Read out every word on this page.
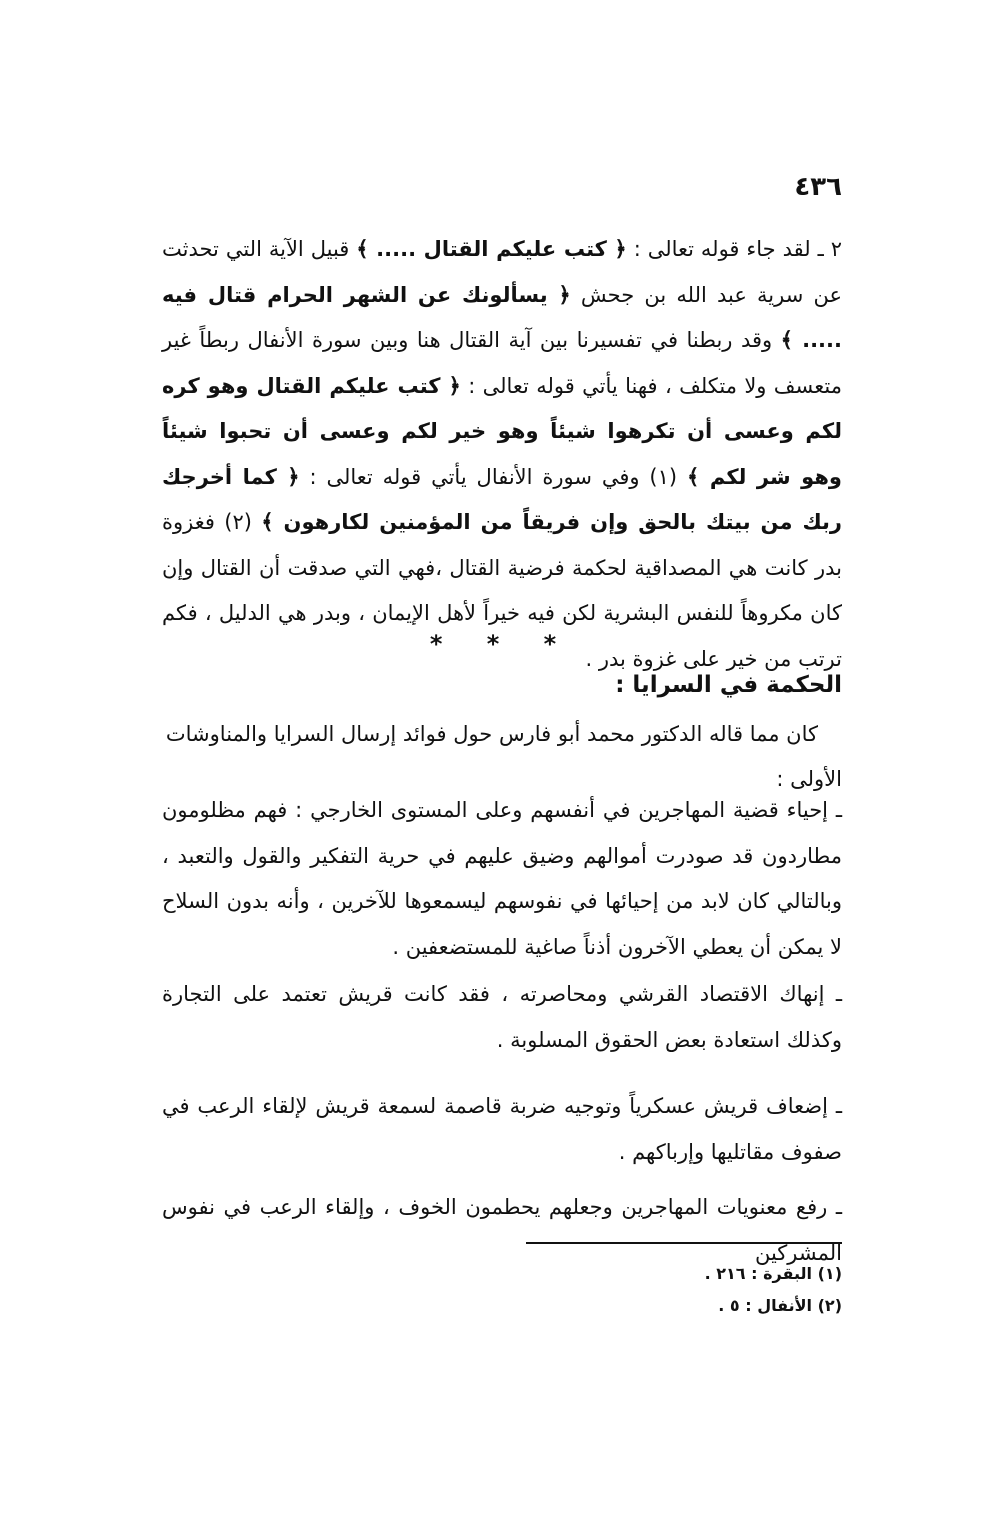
٤٣٦
٢ ـ لقد جاء قوله تعالى : ﴿ كتب عليكم القتال ..... ﴾ قبيل الآية التي تحدثت عن سرية عبد الله بن جحش ﴿ يسألونك عن الشهر الحرام قتال فيه ..... ﴾ وقد ربطنا في تفسيرنا بين آية القتال هنا وبين سورة الأنفال ربطاً غير متعسف ولا متكلف ، فهنا يأتي قوله تعالى : ﴿ كتب عليكم القتال وهو كره لكم وعسى أن تكرهوا شيئاً وهو خير لكم وعسى أن تحبوا شيئاً وهو شر لكم ﴾ (١) وفي سورة الأنفال يأتي قوله تعالى : ﴿ كما أخرجك ربك من بيتك بالحق وإن فريقاً من المؤمنين لكارهون ﴾ (٢) فغزوة بدر كانت هي المصداقية لحكمة فرضية القتال ،فهي التي صدقت أن القتال وإن كان مكروهاً للنفس البشرية لكن فيه خيراً لأهل الإيمان ، وبدر هي الدليل ، فكم ترتب من خير على غزوة بدر .
* * *
الحكمة في السرايا :
كان مما قاله الدكتور محمد أبو فارس حول فوائد إرسال السرايا والمناوشات الأولى :
ـ إحياء قضية المهاجرين في أنفسهم وعلى المستوى الخارجي : فهم مظلومون مطاردون قد صودرت أموالهم وضيق عليهم في حرية التفكير والقول والتعبد ، وبالتالي كان لابد من إحيائها في نفوسهم ليسمعوها للآخرين ، وأنه بدون السلاح لا يمكن أن يعطي الآخرون أذناً صاغية للمستضعفين .
ـ إنهاك الاقتصاد القرشي ومحاصرته ، فقد كانت قريش تعتمد على التجارة وكذلك استعادة بعض الحقوق المسلوبة .
ـ إضعاف قريش عسكرياً وتوجيه ضربة قاصمة لسمعة قريش لإلقاء الرعب في صفوف مقاتليها وإرباكهم .
ـ رفع معنويات المهاجرين وجعلهم يحطمون الخوف ، وإلقاء الرعب في نفوس المشركين
(١) البقرة : ٢١٦ .
(٢) الأنفال : ٥ .
